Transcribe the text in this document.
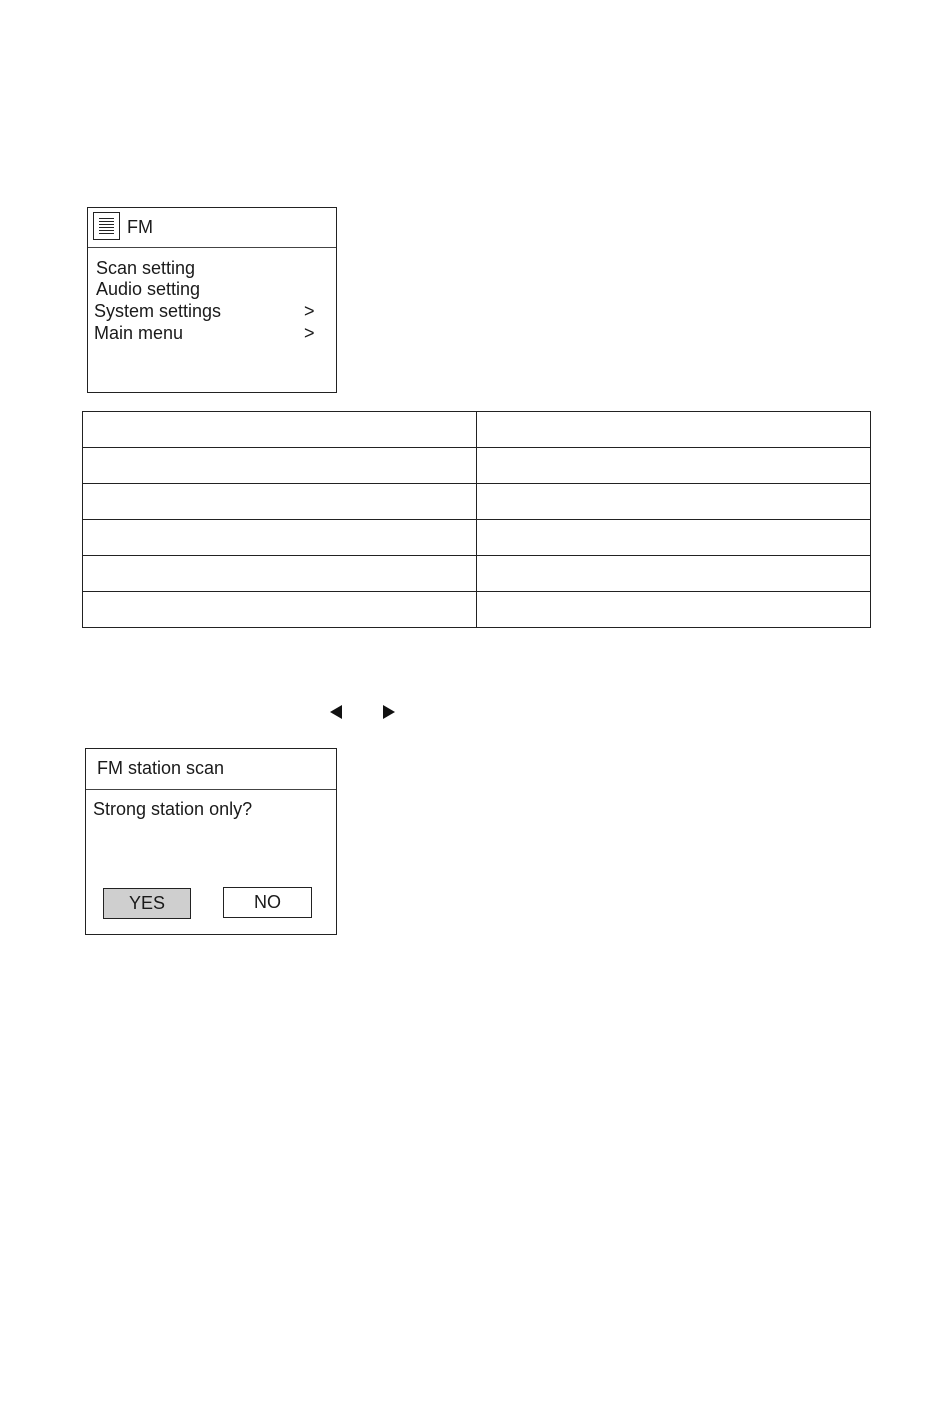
FM
Scan setting
Audio setting
System settings	>
Main menu	>

FM station scan
Strong station only?
YES	NO
